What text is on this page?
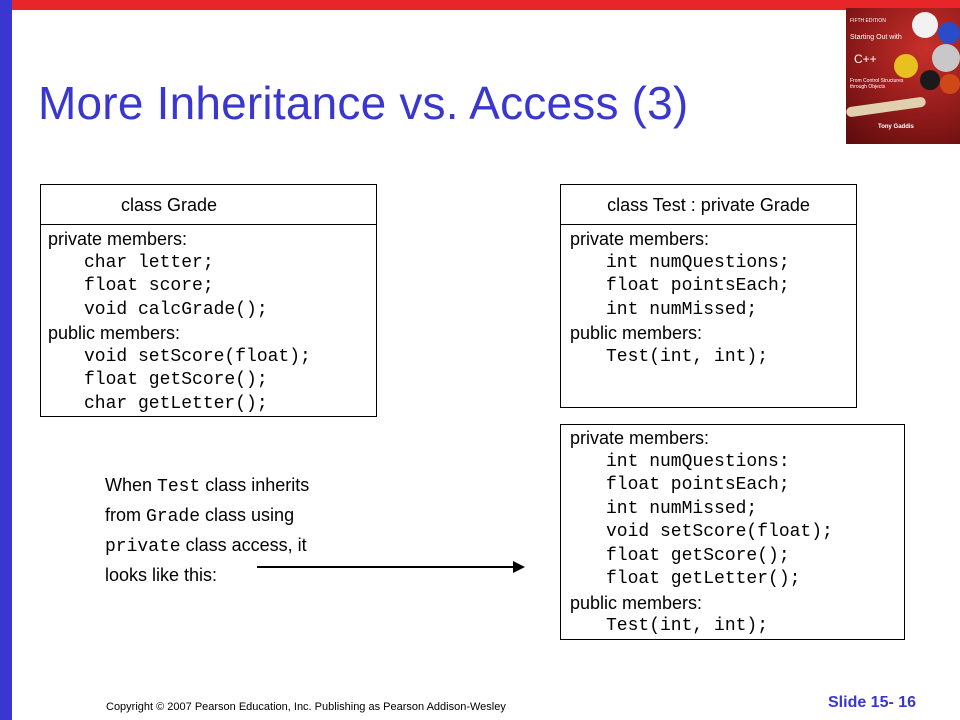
More Inheritance vs. Access (3)
FIFTH EDITION
Starting Out with
C++
From Control Structures
through Objects
Tony Gaddis
class Grade
private members:
char letter;
float score;
void calcGrade();
public members:
void setScore(float);
float getScore();
char getLetter();
class Test : private Grade
private members:
int numQuestions;
float pointsEach;
int numMissed;
public members:
Test(int, int);
private members:
int numQuestions:
float pointsEach;
int numMissed;
void setScore(float);
float getScore();
float getLetter();
public members:
Test(int, int);
When Test class inherits
from Grade class using
private class access, it
looks like this:
Copyright © 2007 Pearson Education, Inc. Publishing as Pearson Addison-Wesley	Slide 15- 16
